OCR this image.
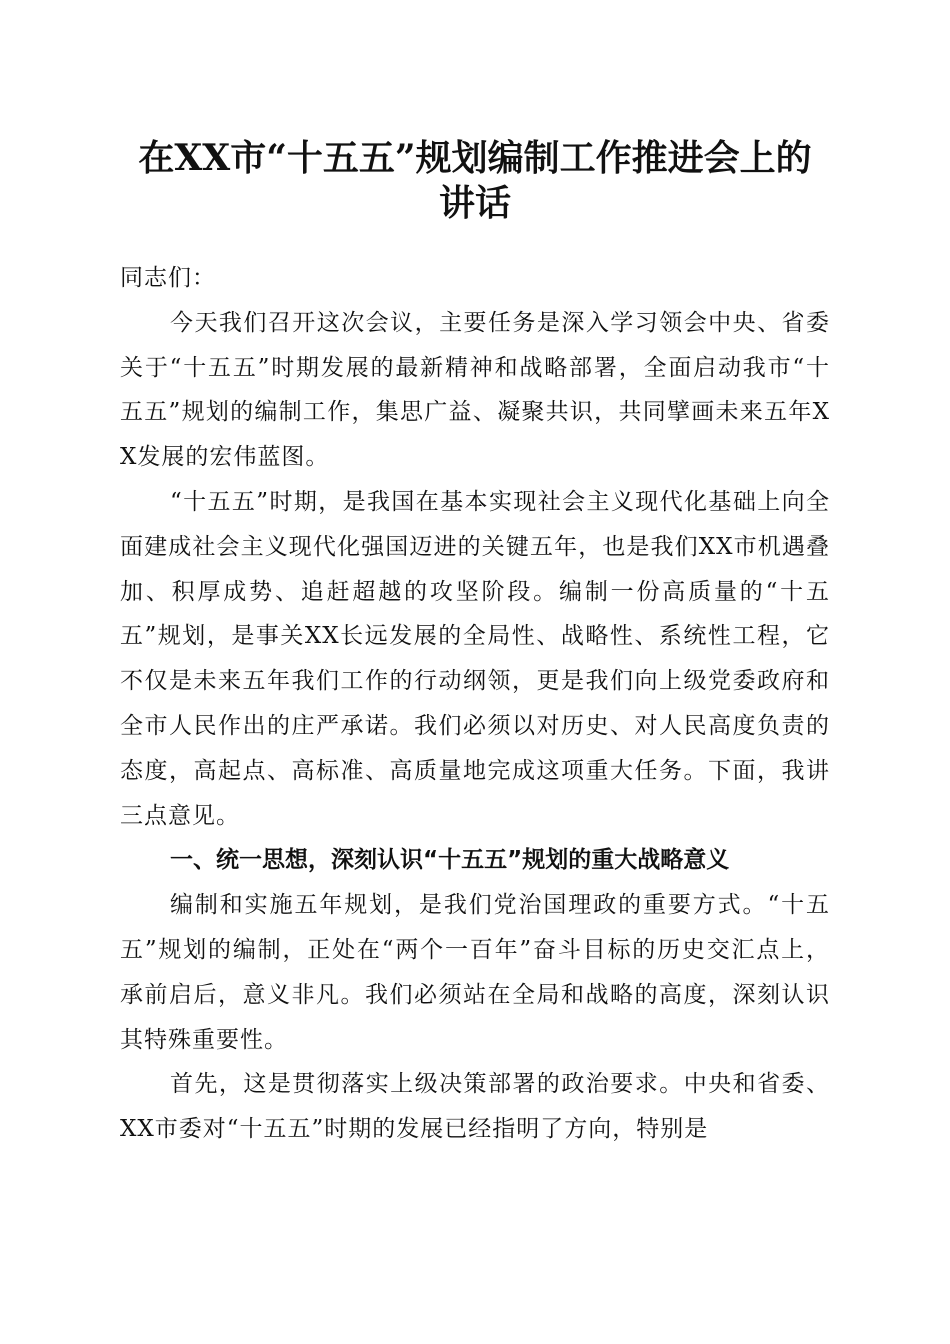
在XX市“十五五”规划编制工作推进会上的
讲话

同志们：

今天我们召开这次会议，主要任务是深入学习领会中央、省委关于“十五五”时期发展的最新精神和战略部署，全面启动我市“十五五”规划的编制工作，集思广益、凝聚共识，共同擘画未来五年XX发展的宏伟蓝图。

“十五五”时期，是我国在基本实现社会主义现代化基础上向全面建成社会主义现代化强国迈进的关键五年，也是我们XX市机遇叠加、积厚成势、追赶超越的攻坚阶段。编制一份高质量的“十五五”规划，是事关XX长远发展的全局性、战略性、系统性工程，它不仅是未来五年我们工作的行动纲领，更是我们向上级党委政府和全市人民作出的庄严承诺。我们必须以对历史、对人民高度负责的态度，高起点、高标准、高质量地完成这项重大任务。下面，我讲三点意见。

一、统一思想，深刻认识“十五五”规划的重大战略意义

编制和实施五年规划，是我们党治国理政的重要方式。“十五五”规划的编制，正处在“两个一百年”奋斗目标的历史交汇点上，承前启后，意义非凡。我们必须站在全局和战略的高度，深刻认识其特殊重要性。

首先，这是贯彻落实上级决策部署的政治要求。中央和省委、XX市委对“十五五”时期的发展已经指明了方向，特别是
